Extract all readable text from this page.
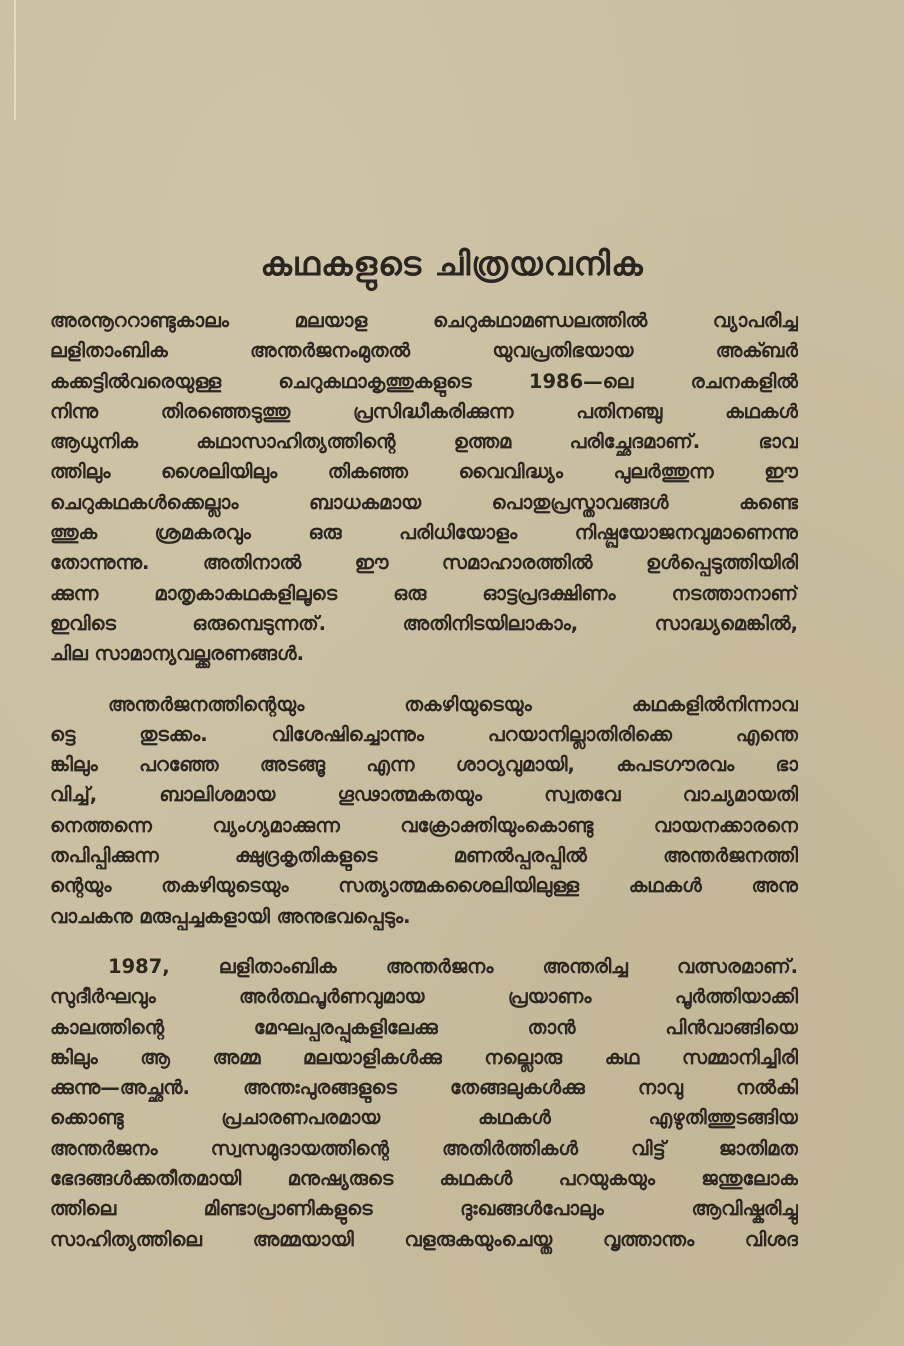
കഥകളുടെ ചിത്രയവനിക
അരനൂററാണ്ടുകാലം മലയാള ചെറുകഥാമണ്ഡലത്തിൽ വ്യാപരിച്ച
ലളിതാംബിക അന്തർജനംമുതൽ യുവപ്രതിഭയായ അക്ബർ
കക്കട്ടിൽവരെയുള്ള ചെറുകഥാകൃത്തുകളുടെ 1986—ലെ രചനകളിൽ
നിന്നു തിരഞ്ഞെടുത്തു പ്രസിദ്ധീകരിക്കുന്ന പതിനഞ്ചു കഥകൾ
ആധുനിക കഥാസാഹിത്യത്തിന്റെ ഉത്തമ പരിച്ഛേദമാണ്. ഭാവ
ത്തിലും ശൈലിയിലും തികഞ്ഞ വൈവിദ്ധ്യം പുലർത്തുന്ന ഈ
ചെറുകഥകൾക്കെല്ലാം ബാധകമായ പൊതുപ്രസ്താവങ്ങൾ കണ്ടെ
ത്തുക ശ്രമകരവും ഒരു പരിധിയോളം നിഷ്പ്രയോജനവുമാണെന്നു
തോന്നുന്നു. അതിനാൽ ഈ സമാഹാരത്തിൽ ഉൾപ്പെടുത്തിയിരി
ക്കുന്ന മാതൃകാകഥകളിലൂടെ ഒരു ഓട്ടപ്രദക്ഷിണം നടത്താനാണ്
ഇവിടെ ഒരുമ്പെടുന്നത്. അതിനിടയിലാകാം, സാദ്ധ്യമെങ്കിൽ,
ചില സാമാന്യവല്ക്കരണങ്ങൾ.
അന്തർജനത്തിന്റെയും തകഴിയുടെയും കഥകളിൽനിന്നാവ
ട്ടെ തുടക്കം. വിശേഷിച്ചൊന്നും പറയാനില്ലാതിരിക്കെ എന്തെ
ങ്കിലും പറഞ്ഞേ അടങ്ങൂ എന്ന ശാഠ്യവുമായി, കപടഗൗരവം ഭാ
വിച്ച്, ബാലിശമായ ഗൂഢാത്മകതയും സ്വതവേ വാച്യമായതി
നെത്തന്നെ വ്യംഗ്യമാക്കുന്ന വക്രോക്തിയുംകൊണ്ടു വായനക്കാരനെ
തപിപ്പിക്കുന്ന ക്ഷുദ്രകൃതികളുടെ മണൽപ്പരപ്പിൽ അന്തർജനത്തി
ന്റെയും തകഴിയുടെയും സത്യാത്മകശൈലിയിലുള്ള കഥകൾ അനു
വാചകനു മരുപ്പച്ചകളായി അനുഭവപ്പെടും.
1987, ലളിതാംബിക അന്തർജനം അന്തരിച്ച വത്സരമാണ്.
സുദീർഘവും അർത്ഥപൂർണവുമായ പ്രയാണം പൂർത്തിയാക്കി
കാലത്തിന്റെ മേഘപ്പരപ്പുകളിലേക്കു താൻ പിൻവാങ്ങിയെ
ങ്കിലും ആ അമ്മ മലയാളികൾക്കു നല്ലൊരു കഥ സമ്മാനിച്ചിരി
ക്കുന്നു—അച്ഛൻ. അന്തഃപുരങ്ങളുടെ തേങ്ങലുകൾക്കു നാവു നൽകി
ക്കൊണ്ടു പ്രചാരണപരമായ കഥകൾ എഴുതിത്തുടങ്ങിയ
അന്തർജനം സ്വസമുദായത്തിന്റെ അതിർത്തികൾ വിട്ട് ജാതിമത
ഭേദങ്ങൾക്കതീതമായി മനുഷ്യരുടെ കഥകൾ പറയുകയും ജന്തുലോക
ത്തിലെ മിണ്ടാപ്രാണികളുടെ ദുഃഖങ്ങൾപോലും ആവിഷ്കരിച്ചു
സാഹിത്യത്തിലെ അമ്മയായി വളരുകയുംചെയ്ത വൃത്താന്തം വിശദ
